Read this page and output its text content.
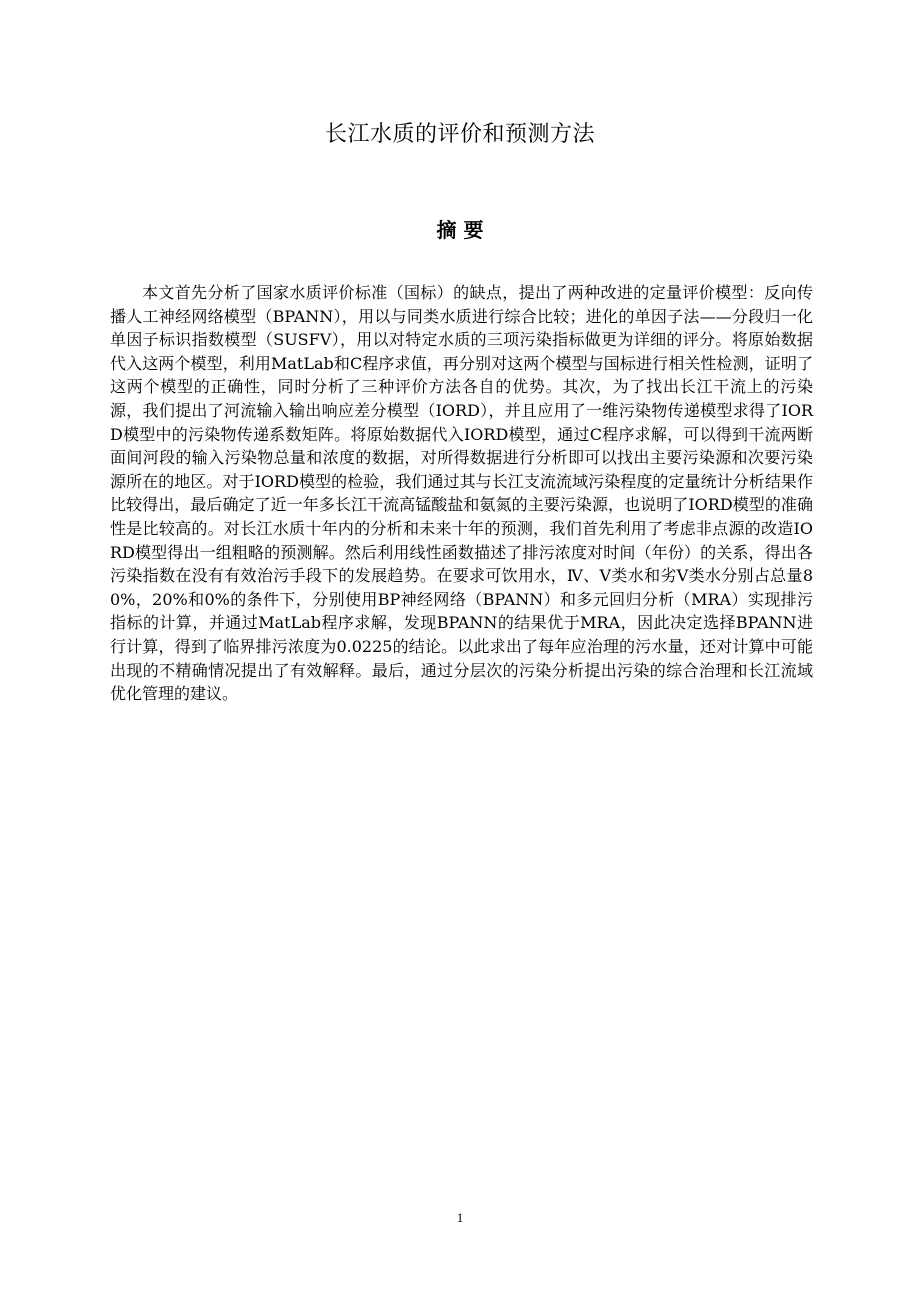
长江水质的评价和预测方法
摘 要

本文首先分析了国家水质评价标准（国标）的缺点，提出了两种改进的定量评价模型：反向传播人工神经网络模型（BPANN），用以与同类水质进行综合比较；进化的单因子法——分段归一化单因子标识指数模型（SUSFV），用以对特定水质的三项污染指标做更为详细的评分。将原始数据代入这两个模型，利用MatLab和C程序求值，再分别对这两个模型与国标进行相关性检测，证明了这两个模型的正确性，同时分析了三种评价方法各自的优势。其次，为了找出长江干流上的污染源，我们提出了河流输入输出响应差分模型（IORD），并且应用了一维污染物传递模型求得了IORD模型中的污染物传递系数矩阵。将原始数据代入IORD模型，通过C程序求解，可以得到干流两断面间河段的输入污染物总量和浓度的数据，对所得数据进行分析即可以找出主要污染源和次要污染源所在的地区。对于IORD模型的检验，我们通过其与长江支流流域污染程度的定量统计分析结果作比较得出，最后确定了近一年多长江干流高锰酸盐和氨氮的主要污染源，也说明了IORD模型的准确性是比较高的。对长江水质十年内的分析和未来十年的预测，我们首先利用了考虑非点源的改造IORD模型得出一组粗略的预测解。然后利用线性函数描述了排污浓度对时间（年份）的关系，得出各污染指数在没有有效治污手段下的发展趋势。在要求可饮用水，Ⅳ、Ⅴ类水和劣Ⅴ类水分别占总量80%，20%和0%的条件下，分别使用BP神经网络（BPANN）和多元回归分析（MRA）实现排污指标的计算，并通过MatLab程序求解，发现BPANN的结果优于MRA，因此决定选择BPANN进行计算，得到了临界排污浓度为0.0225的结论。以此求出了每年应治理的污水量，还对计算中可能出现的不精确情况提出了有效解释。最后，通过分层次的污染分析提出污染的综合治理和长江流域优化管理的建议。

1
